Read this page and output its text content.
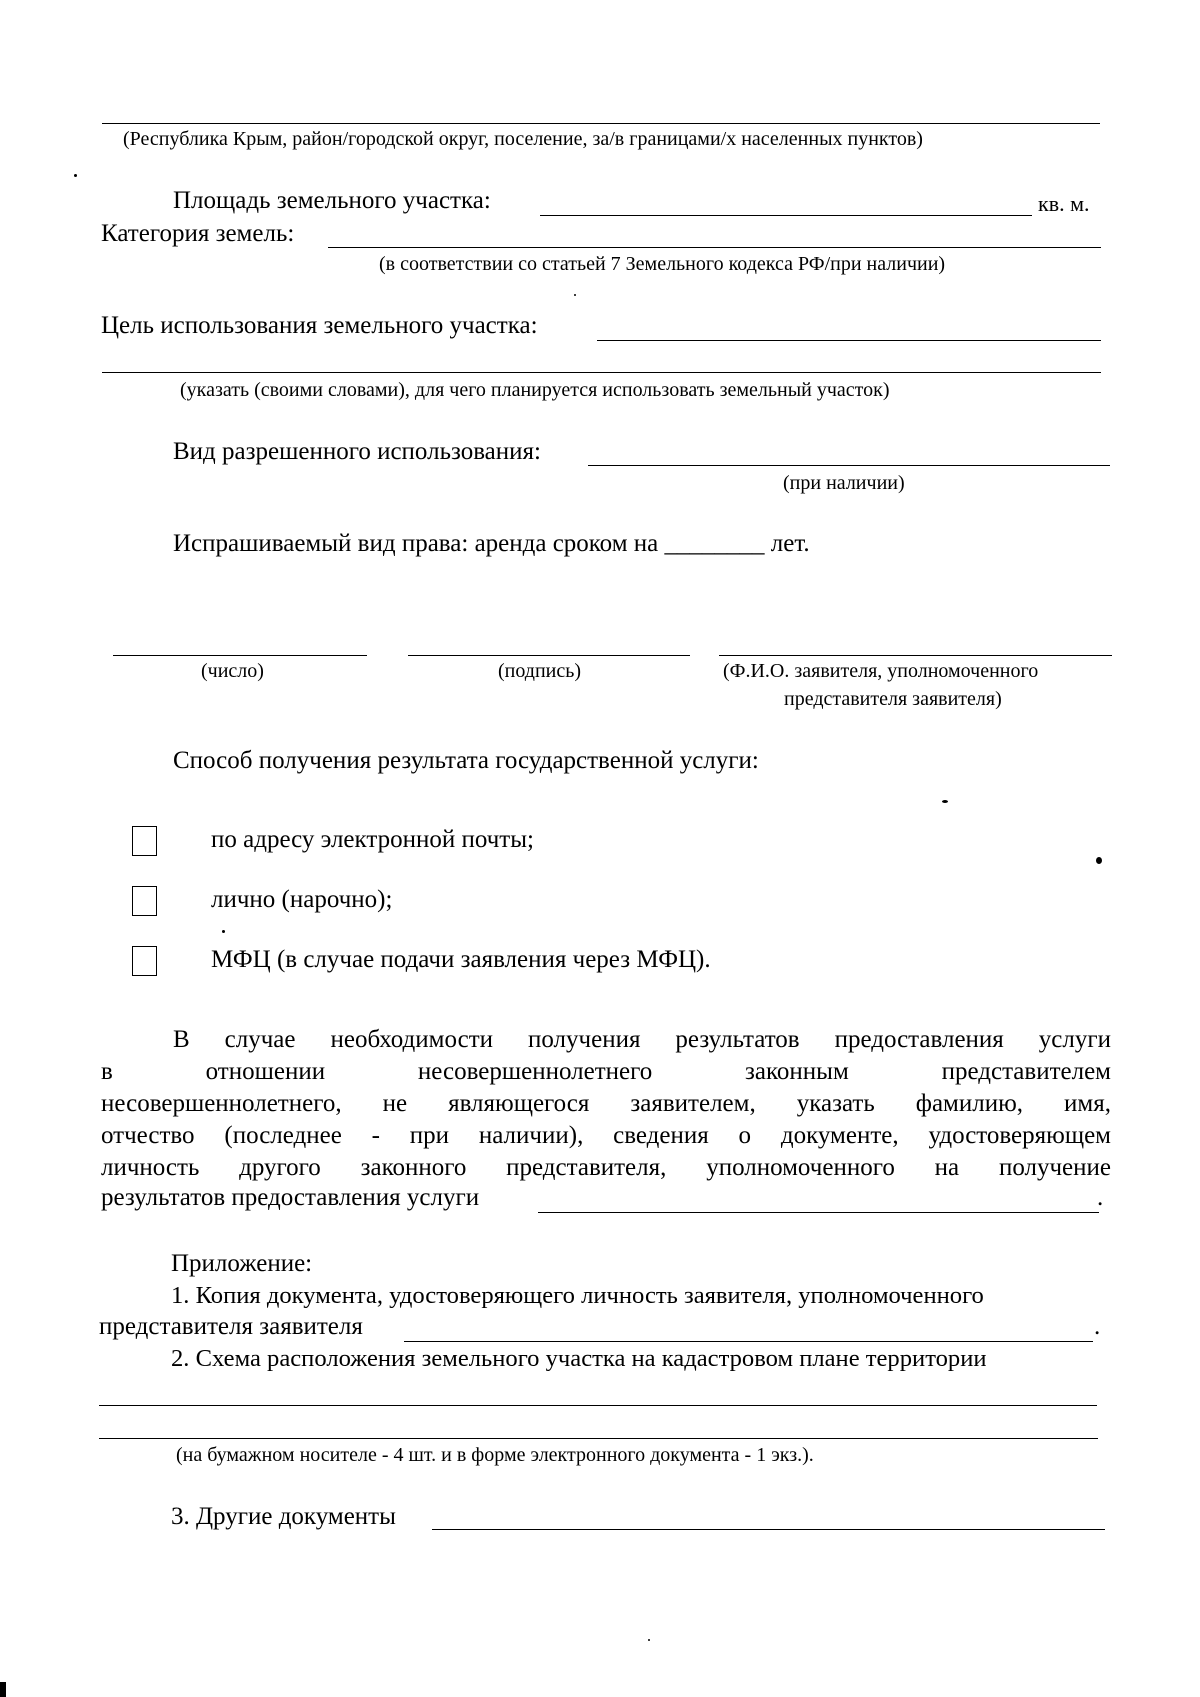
(Республика Крым, район/городской округ, поселение, за/в границами/х населенных пунктов)
Площадь земельного участка:	кв. м.
Категория земель:
(в соответствии со статьей 7 Земельного кодекса РФ/при наличии)
Цель использования земельного участка:
(указать (своими словами), для чего планируется использовать земельный участок)
Вид разрешенного использования:
(при наличии)
Испрашиваемый вид права: аренда сроком на ________ лет.
(число)	(подпись)	(Ф.И.О. заявителя, уполномоченного
представителя заявителя)
Способ получения результата государственной услуги:
по адресу электронной почты;
лично (нарочно);
МФЦ (в случае подачи заявления через МФЦ).
В случае необходимости получения результатов предоставления услуги
в отношении несовершеннолетнего законным представителем
несовершеннолетнего, не являющегося заявителем, указать фамилию, имя,
отчество (последнее - при наличии), сведения о документе, удостоверяющем
личность другого законного представителя, уполномоченного на получение
результатов предоставления услуги	.
Приложение:
1. Копия документа, удостоверяющего личность заявителя, уполномоченного
представителя заявителя	.
2. Схема расположения земельного участка на кадастровом плане территории
(на бумажном носителе - 4 шт. и в форме электронного документа - 1 экз.).
3. Другие документы
